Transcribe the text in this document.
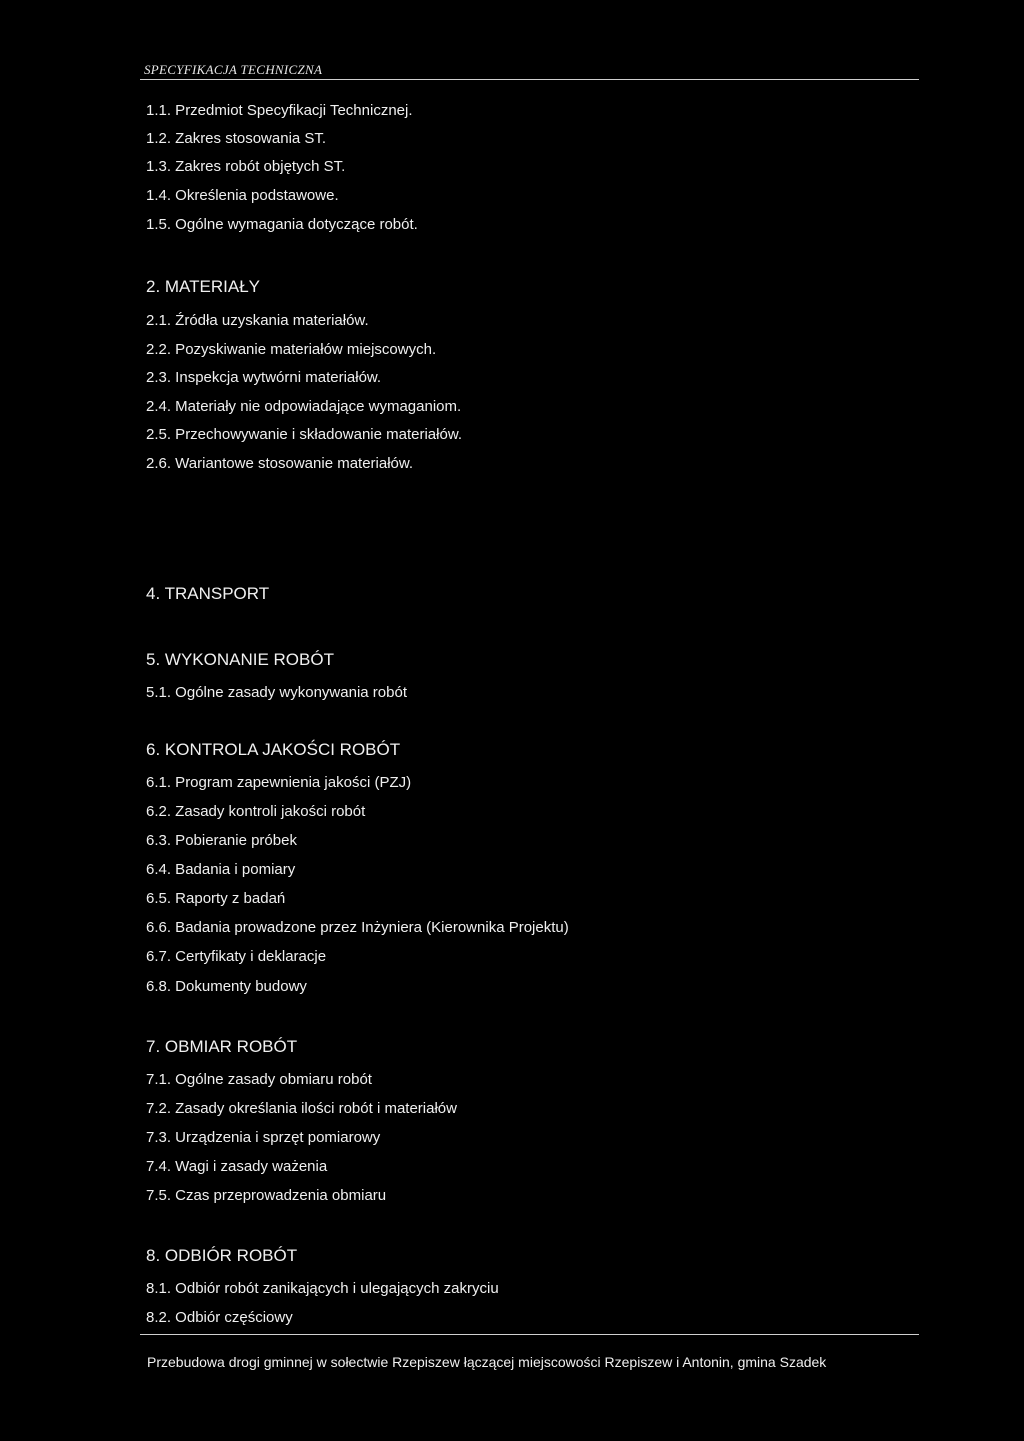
SPECYFIKACJA TECHNICZNA
1.1. Przedmiot Specyfikacji Technicznej.
1.2. Zakres stosowania ST.
1.3. Zakres robót objętych ST.
1.4. Określenia podstawowe.
1.5. Ogólne wymagania dotyczące robót.
2. MATERIAŁY
2.1. Źródła uzyskania materiałów.
2.2. Pozyskiwanie materiałów miejscowych.
2.3. Inspekcja wytwórni materiałów.
2.4. Materiały nie odpowiadające wymaganiom.
2.5. Przechowywanie i składowanie materiałów.
2.6. Wariantowe stosowanie materiałów.
4. TRANSPORT
5. WYKONANIE ROBÓT
5.1. Ogólne zasady wykonywania robót
6. KONTROLA JAKOŚCI ROBÓT
6.1. Program zapewnienia jakości (PZJ)
6.2. Zasady kontroli jakości robót
6.3. Pobieranie próbek
6.4. Badania i pomiary
6.5. Raporty z badań
6.6. Badania prowadzone przez Inżyniera (Kierownika Projektu)
6.7. Certyfikaty i deklaracje
6.8. Dokumenty budowy
7. OBMIAR ROBÓT
7.1. Ogólne zasady obmiaru robót
7.2. Zasady określania ilości robót i materiałów
7.3. Urządzenia i sprzęt pomiarowy
7.4. Wagi i zasady ważenia
7.5. Czas przeprowadzenia obmiaru
8. ODBIÓR ROBÓT
8.1. Odbiór robót zanikających i ulegających zakryciu
8.2. Odbiór częściowy
Przebudowa drogi gminnej w sołectwie Rzepiszew łączącej miejscowości Rzepiszew i Antonin, gmina Szadek
